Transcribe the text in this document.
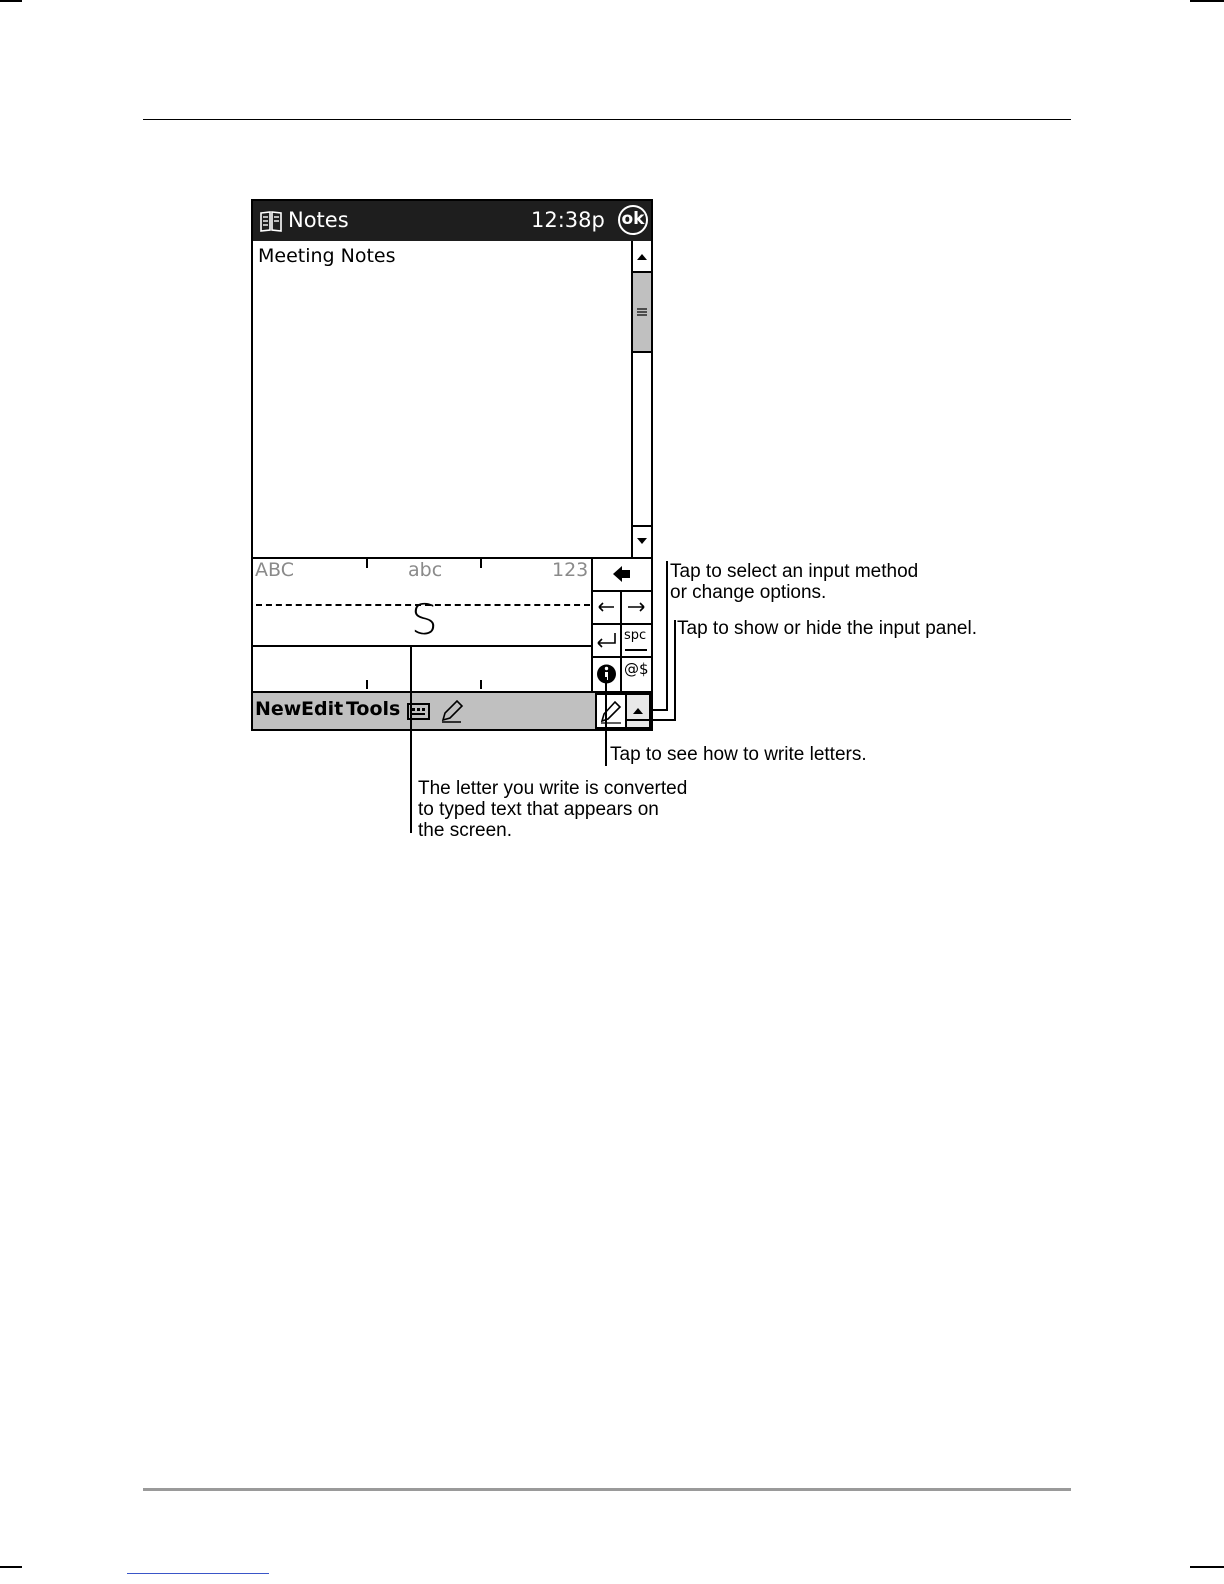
Notes	12:38p ok
Meeting Notes
ABC	abc	123
S	spc
@$
New Edit Tools
Tap to select an input method
or change options.
Tap to show or hide the input panel.
Tap to see how to write letters.
The letter you write is converted
to typed text that appears on
the screen.
